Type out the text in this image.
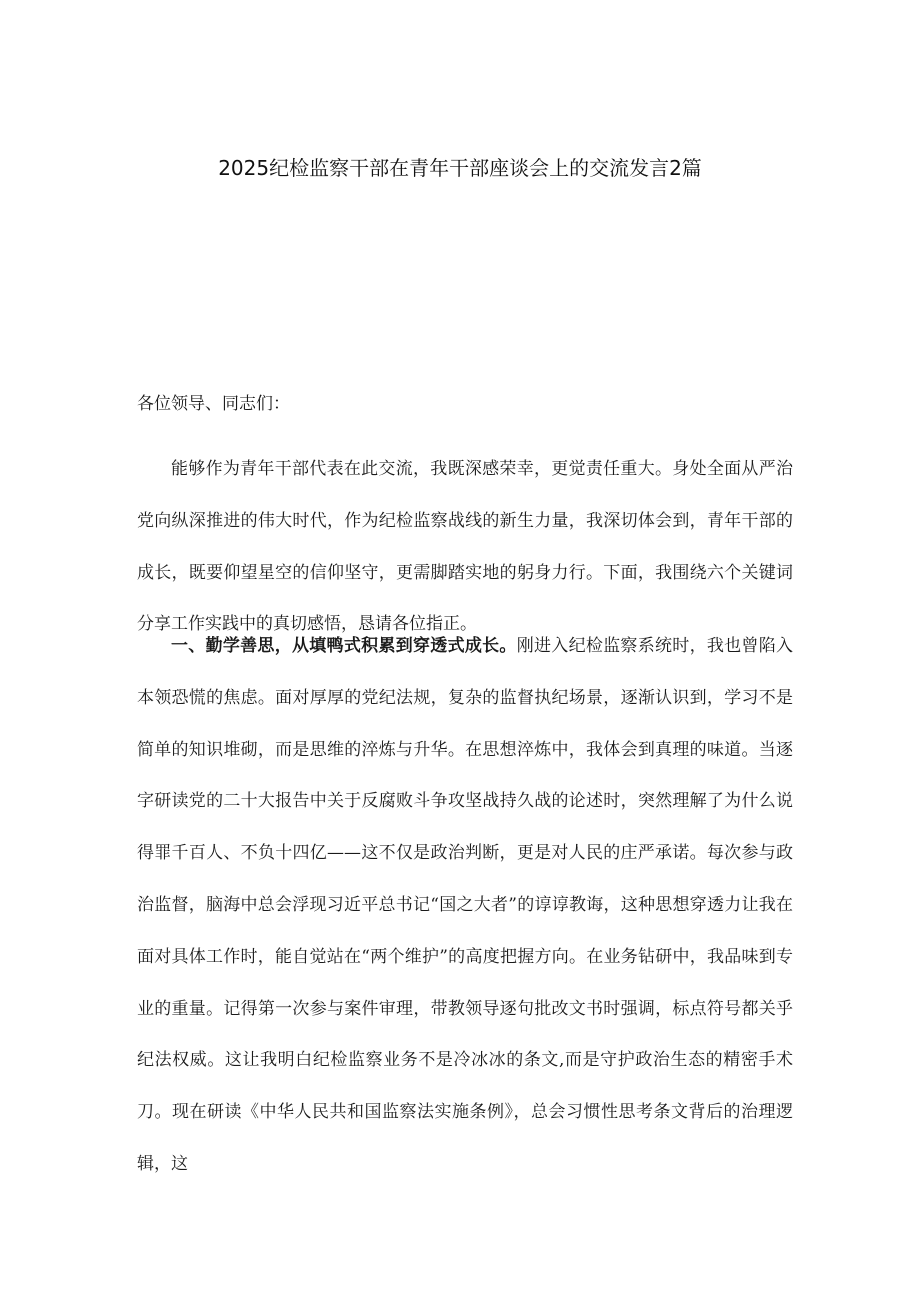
2025纪检监察干部在青年干部座谈会上的交流发言2篇

各位领导、同志们：

能够作为青年干部代表在此交流，我既深感荣幸，更觉责任重大。身处全面从严治党向纵深推进的伟大时代，作为纪检监察战线的新生力量，我深切体会到，青年干部的成长，既要仰望星空的信仰坚守，更需脚踏实地的躬身力行。下面，我围绕六个关键词分享工作实践中的真切感悟，恳请各位指正。

一、勤学善思，从填鸭式积累到穿透式成长。刚进入纪检监察系统时，我也曾陷入本领恐慌的焦虑。面对厚厚的党纪法规，复杂的监督执纪场景，逐渐认识到，学习不是简单的知识堆砌，而是思维的淬炼与升华。在思想淬炼中，我体会到真理的味道。当逐字研读党的二十大报告中关于反腐败斗争攻坚战持久战的论述时，突然理解了为什么说得罪千百人、不负十四亿——这不仅是政治判断，更是对人民的庄严承诺。每次参与政治监督，脑海中总会浮现习近平总书记“国之大者”的谆谆教诲，这种思想穿透力让我在面对具体工作时，能自觉站在“两个维护”的高度把握方向。在业务钻研中，我品味到专业的重量。记得第一次参与案件审理，带教领导逐句批改文书时强调，标点符号都关乎纪法权威。这让我明白纪检监察业务不是冷冰冰的条文,而是守护政治生态的精密手术刀。现在研读《中华人民共和国监察法实施条例》，总会习惯性思考条文背后的治理逻辑，这
